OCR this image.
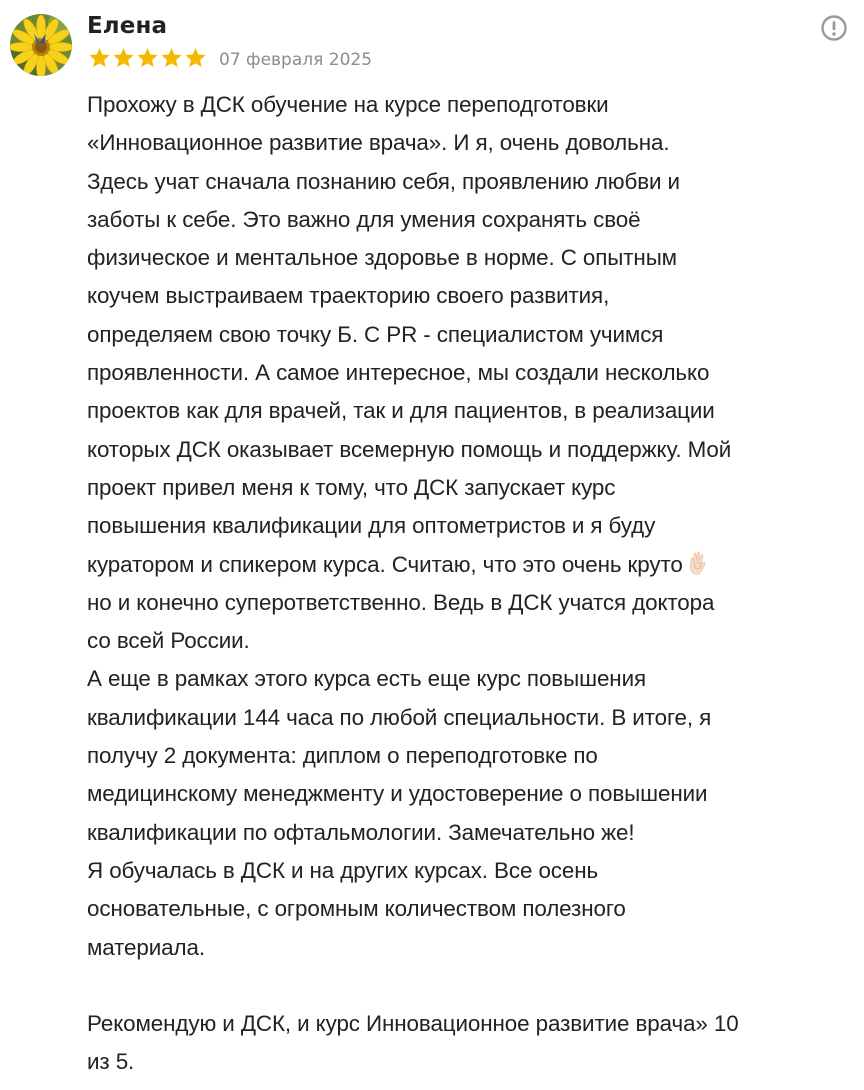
Елена
07 февраля 2025
Прохожу в ДСК обучение на курсе переподготовки
«Инновационное развитие врача». И я, очень довольна.
Здесь учат сначала познанию себя, проявлению любви и
заботы к себе. Это важно для умения сохранять своё
физическое и ментальное здоровье в норме. С опытным
коучем выстраиваем траекторию своего развития,
определяем свою точку Б. С PR - специалистом учимся
проявленности. А самое интересное, мы создали несколько
проектов как для врачей, так и для пациентов, в реализации
которых ДСК оказывает всемерную помощь и поддержку. Мой
проект привел меня к тому, что ДСК запускает курс
повышения квалификации для оптометристов и я буду
куратором и спикером курса. Считаю, что это очень круто
но и конечно суперответственно. Ведь в ДСК учатся доктора
со всей России.
А еще в рамках этого курса есть еще курс повышения
квалификации 144 часа по любой специальности. В итоге, я
получу 2 документа: диплом о переподготовке по
медицинскому менеджменту и удостоверение о повышении
квалификации по офтальмологии. Замечательно же!
Я обучалась в ДСК и на других курсах. Все осень
основательные, с огромным количеством полезного
материала.
Рекомендую и ДСК, и курс Инновационное развитие врача» 10
из 5.
